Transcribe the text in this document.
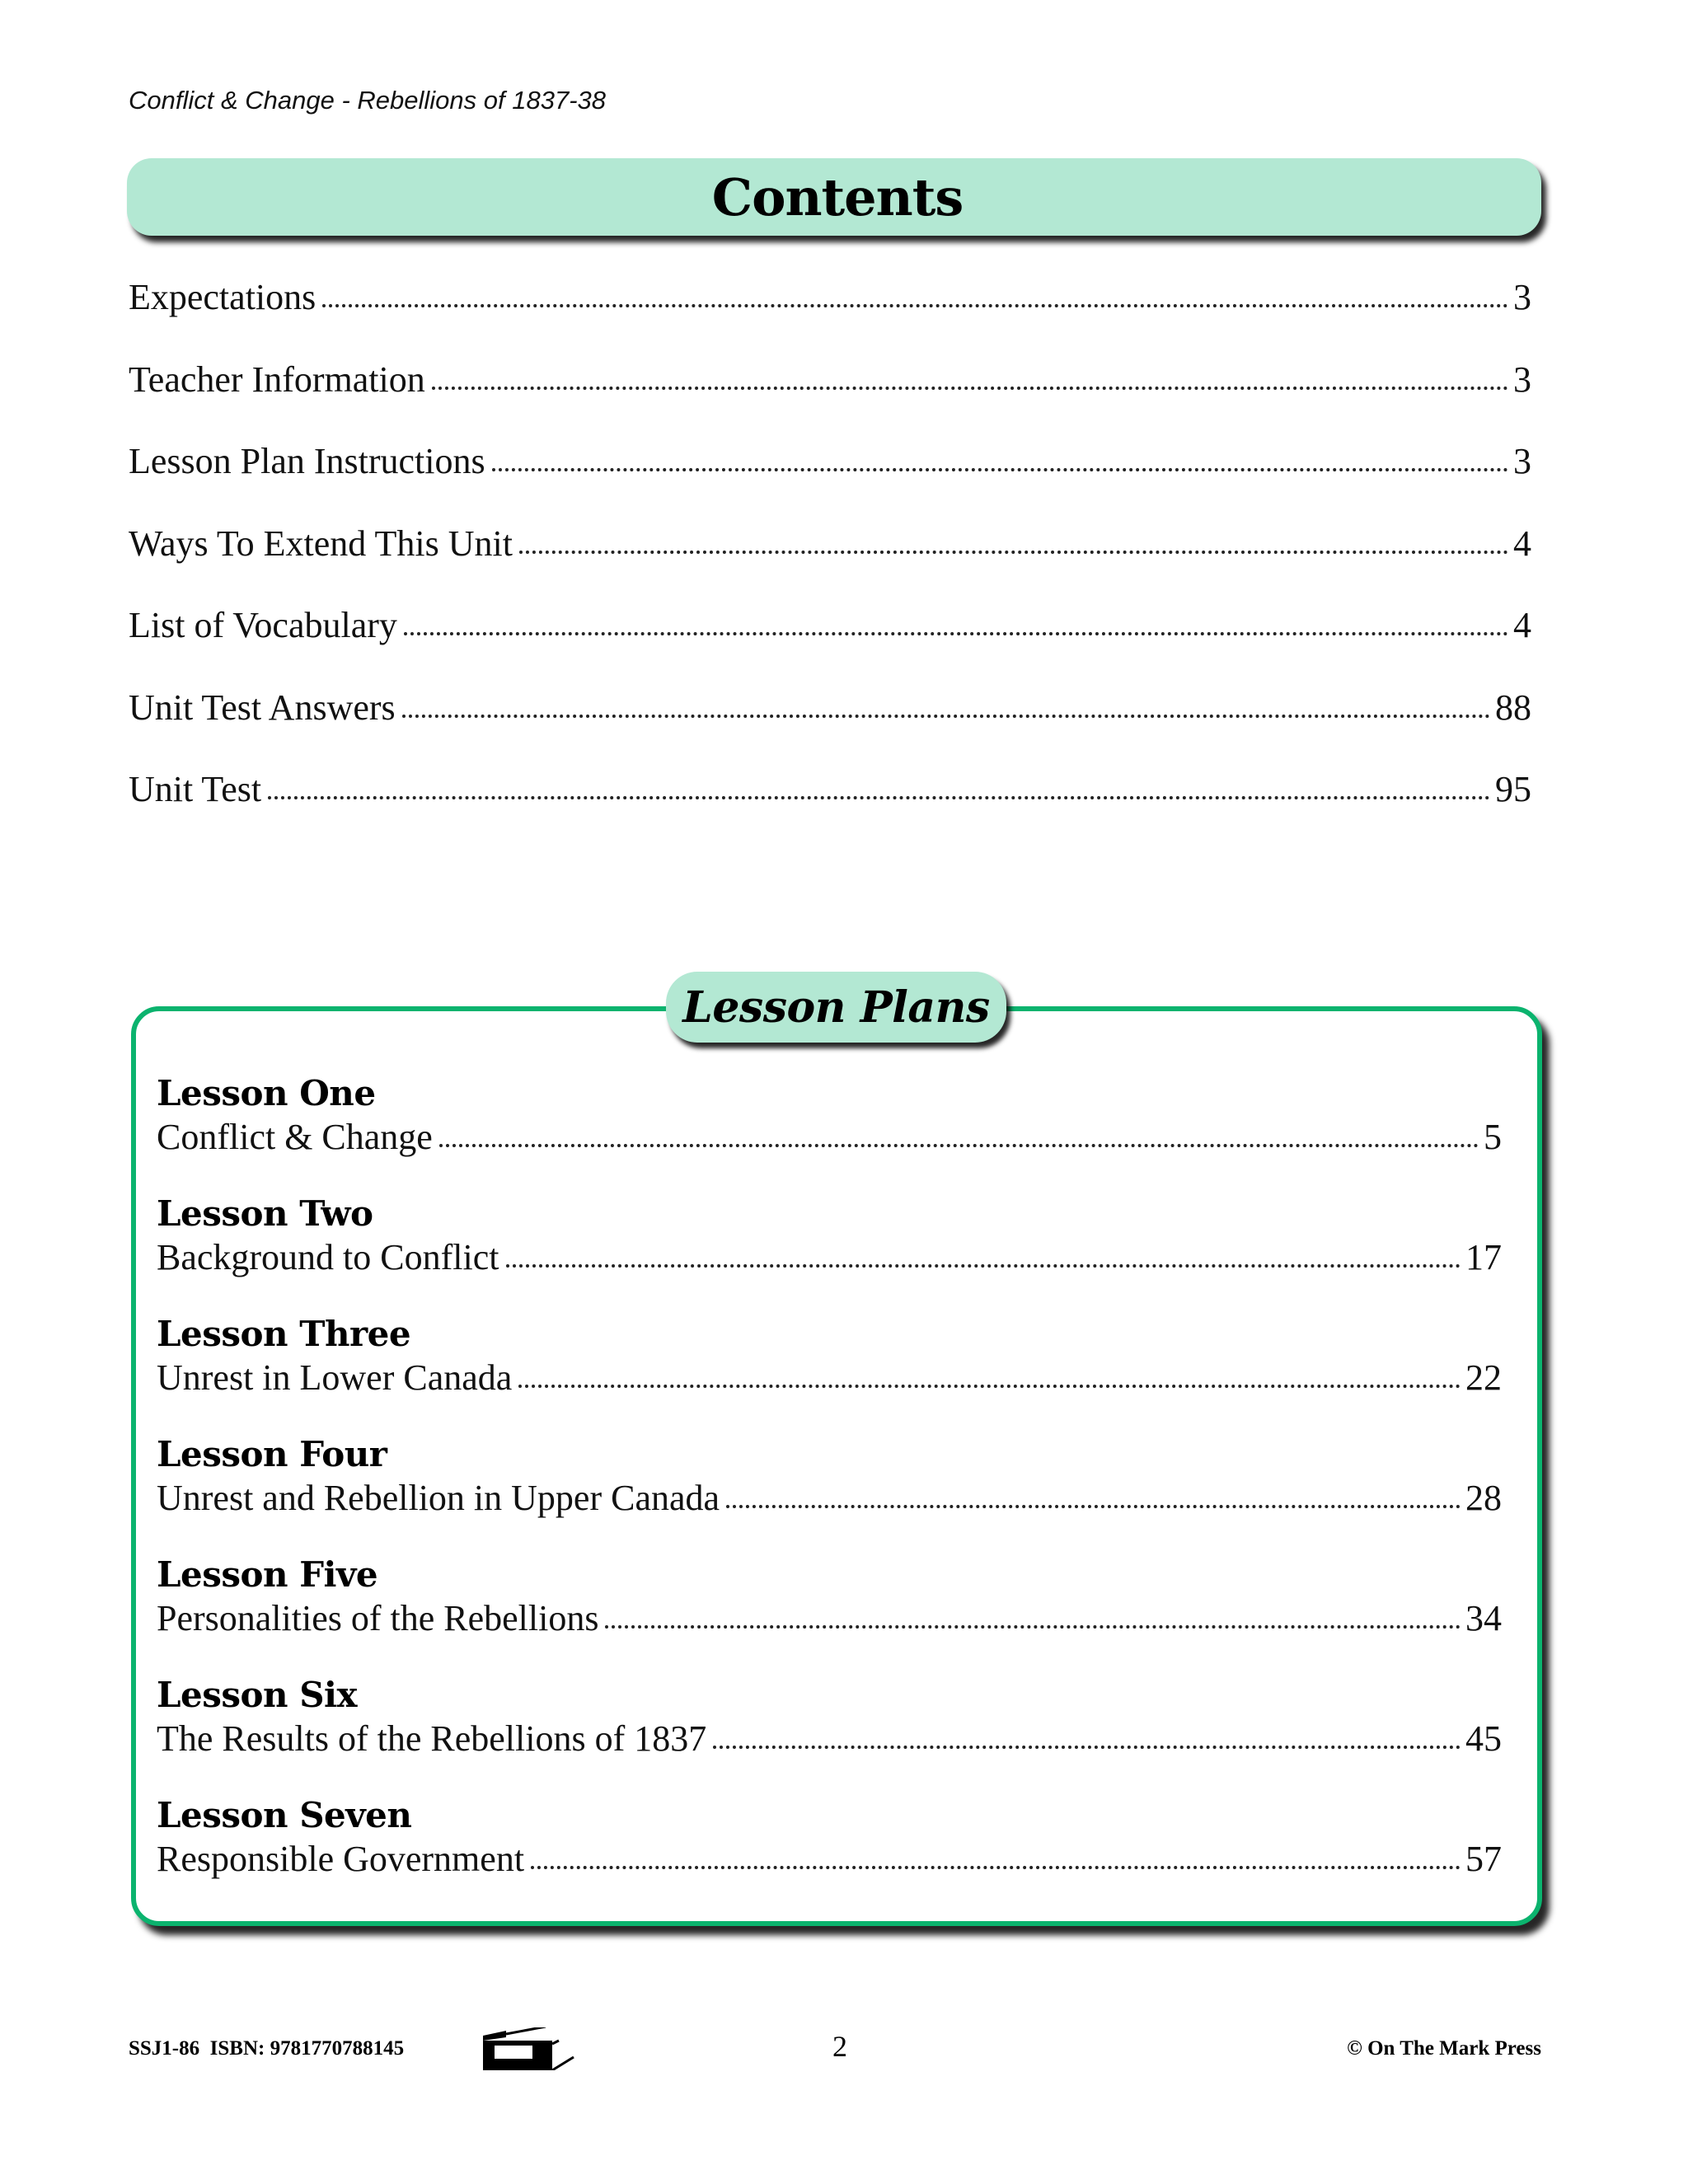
Conflict & Change - Rebellions of 1837-38
Contents
Expectations	3
Teacher Information	3
Lesson Plan Instructions	3
Ways To Extend This Unit	4
List of Vocabulary	4
Unit Test Answers	88
Unit Test	95
Lesson Plans
Lesson One
Conflict & Change	5
Lesson Two
Background to Conflict	17
Lesson Three
Unrest in Lower Canada	22
Lesson Four
Unrest and Rebellion in Upper Canada	28
Lesson Five
Personalities of the Rebellions	34
Lesson Six
The Results of the Rebellions of 1837	45
Lesson Seven
Responsible Government	57
SSJ1-86  ISBN: 9781770788145	2	© On The Mark Press
